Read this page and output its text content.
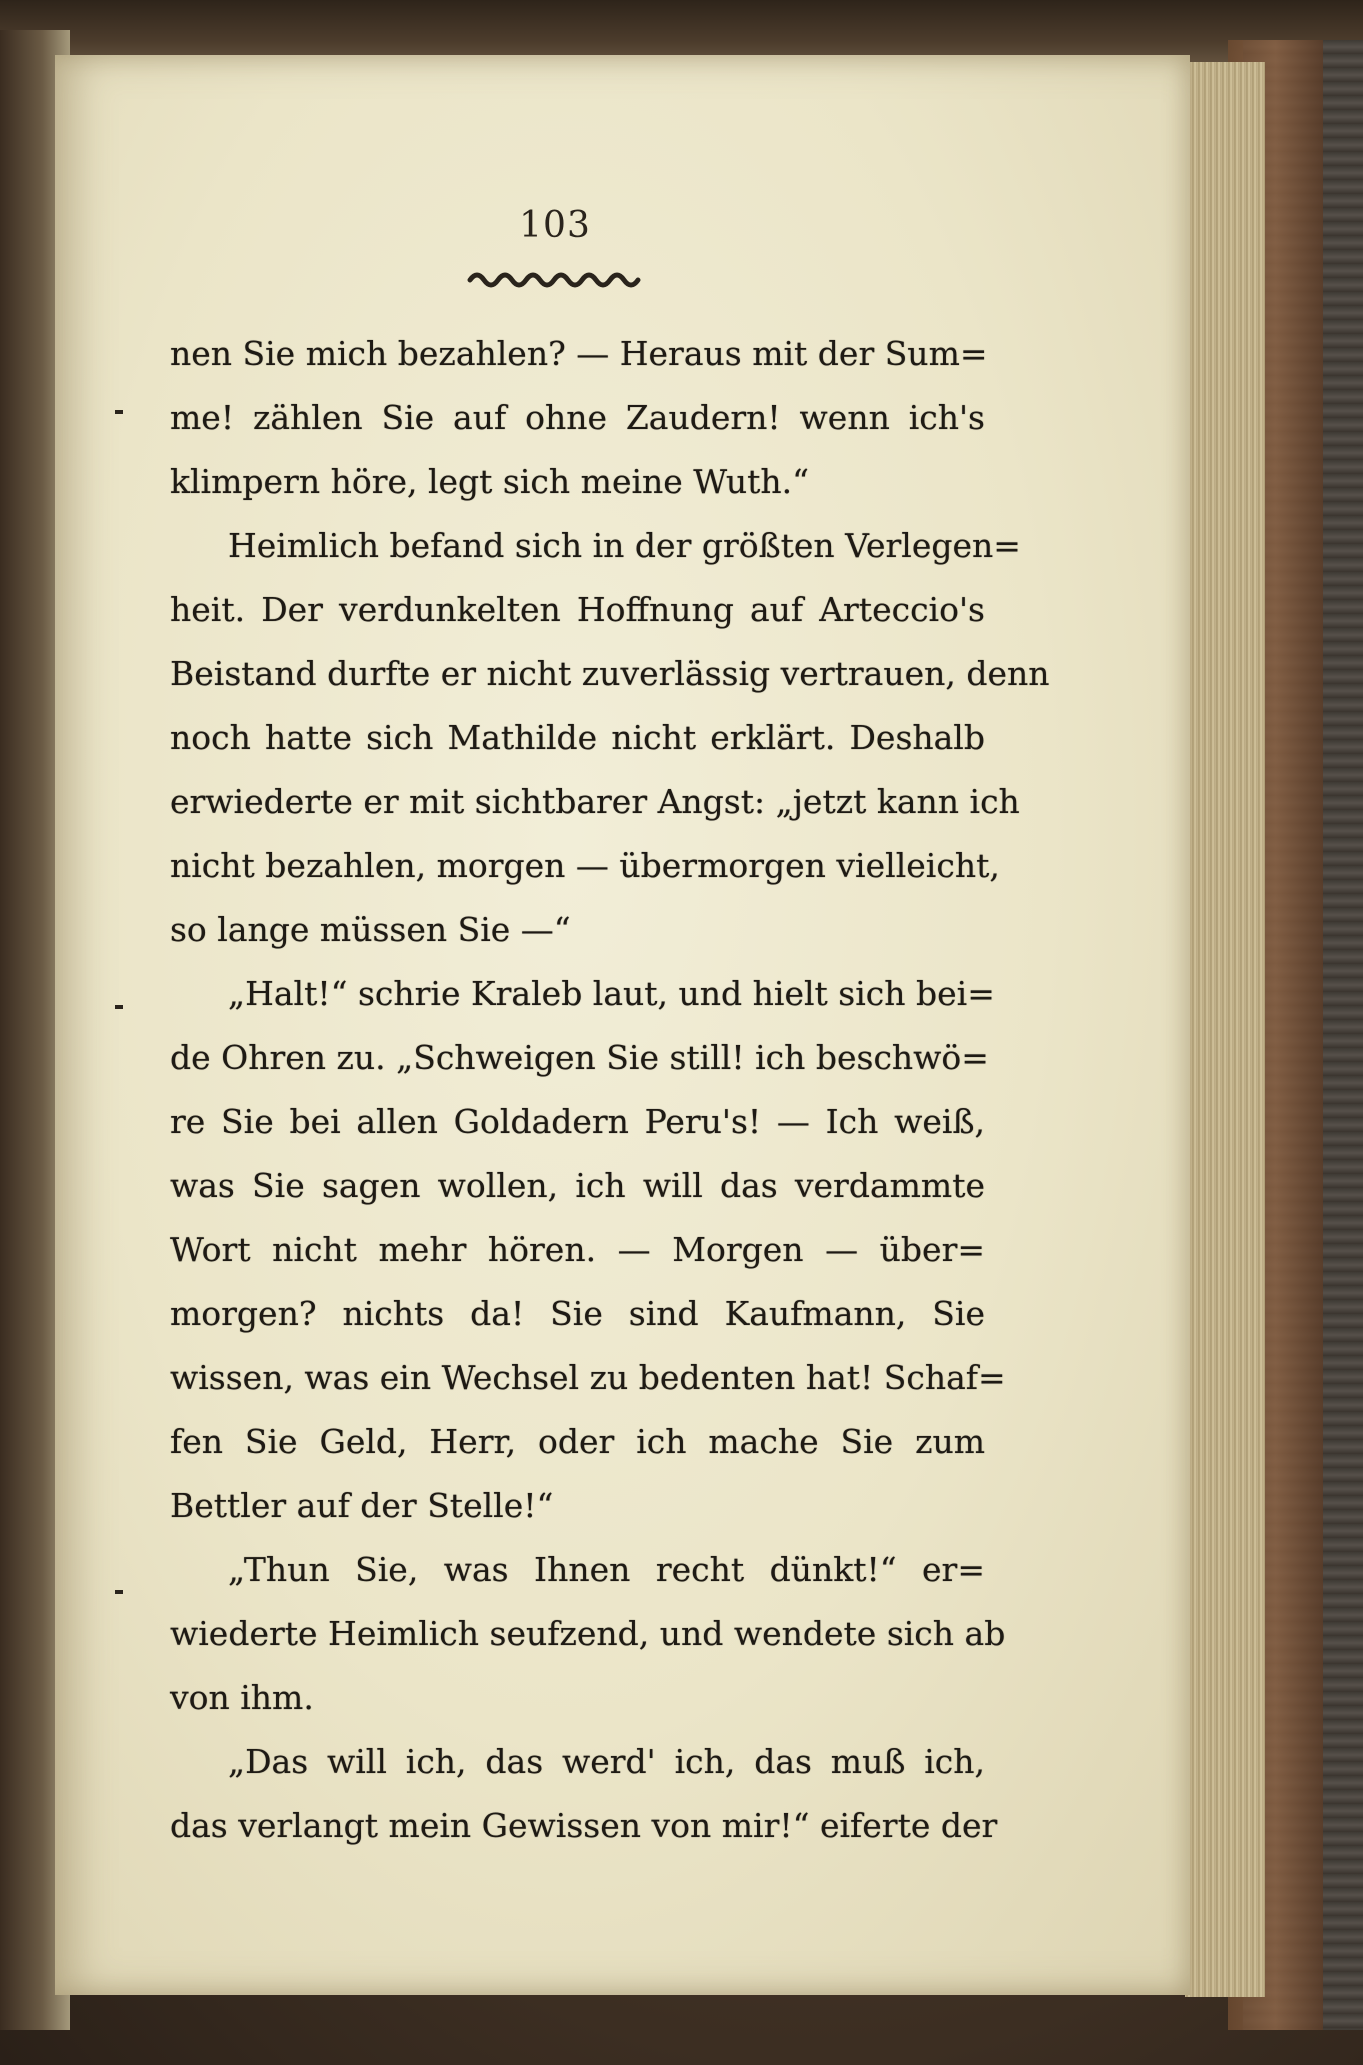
103
nen Sie mich bezahlen? — Heraus mit der Sum=
me! zählen Sie auf ohne Zaudern! wenn ich's
klimpern höre, legt sich meine Wuth.“
Heimlich befand sich in der größten Verlegen=
heit. Der verdunkelten Hoffnung auf Arteccio's
Beistand durfte er nicht zuverlässig vertrauen, denn
noch hatte sich Mathilde nicht erklärt. Deshalb
erwiederte er mit sichtbarer Angst: „jetzt kann ich
nicht bezahlen, morgen — übermorgen vielleicht,
so lange müssen Sie —“
„Halt!“ schrie Kraleb laut, und hielt sich bei=
de Ohren zu. „Schweigen Sie still! ich beschwö=
re Sie bei allen Goldadern Peru's! — Ich weiß,
was Sie sagen wollen, ich will das verdammte
Wort nicht mehr hören. — Morgen — über=
morgen? nichts da! Sie sind Kaufmann, Sie
wissen, was ein Wechsel zu bedenten hat! Schaf=
fen Sie Geld, Herr, oder ich mache Sie zum
Bettler auf der Stelle!“
„Thun Sie, was Ihnen recht dünkt!“ er=
wiederte Heimlich seufzend, und wendete sich ab
von ihm.
„Das will ich, das werd' ich, das muß ich,
das verlangt mein Gewissen von mir!“ eiferte der
